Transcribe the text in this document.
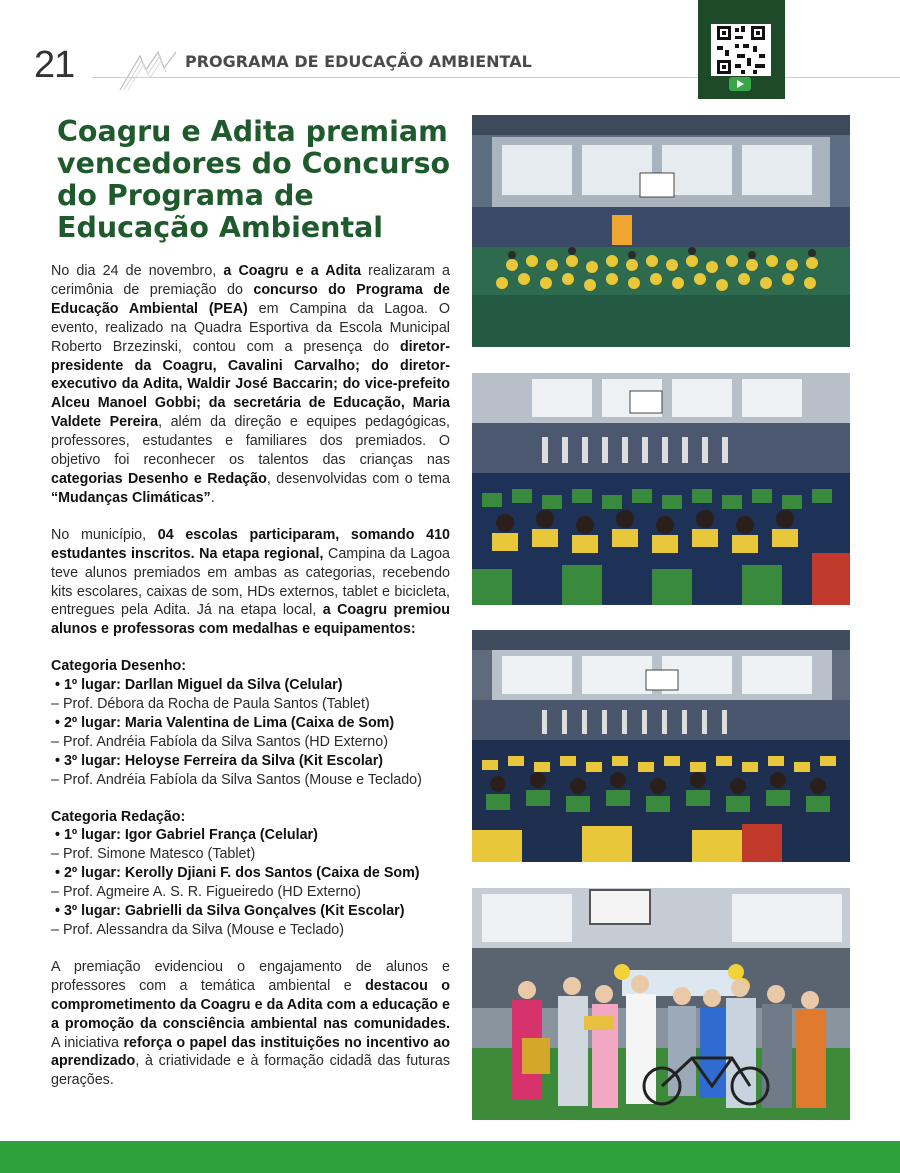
21	PROGRAMA DE EDUCAÇÃO AMBIENTAL
Coagru e Adita premiam vencedores do Concurso do Programa de Educação Ambiental

No dia 24 de novembro, a Coagru e a Adita realizaram a cerimônia de premiação do concurso do Programa de Educação Ambiental (PEA) em Campina da Lagoa. O evento, realizado na Quadra Esportiva da Escola Municipal Roberto Brzezinski, contou com a presença do diretor-presidente da Coagru, Cavalini Carvalho; do diretor-executivo da Adita, Waldir José Baccarin; do vice-prefeito Alceu Manoel Gobbi; da secretária de Educação, Maria Valdete Pereira, além da direção e equipes pedagógicas, professores, estudantes e familiares dos premiados. O objetivo foi reconhecer os talentos das crianças nas categorias Desenho e Redação, desenvolvidas com o tema “Mudanças Climáticas”.

No município, 04 escolas participaram, somando 410 estudantes inscritos. Na etapa regional, Campina da Lagoa teve alunos premiados em ambas as categorias, recebendo kits escolares, caixas de som, HDs externos, tablet e bicicleta, entregues pela Adita. Já na etapa local, a Coagru premiou alunos e professoras com medalhas e equipamentos:

Categoria Desenho:

• 1º lugar: Darllan Miguel da Silva (Celular)

– Prof. Débora da Rocha de Paula Santos (Tablet)

• 2º lugar: Maria Valentina de Lima (Caixa de Som)

– Prof. Andréia Fabíola da Silva Santos (HD Externo)

• 3º lugar: Heloyse Ferreira da Silva (Kit Escolar)

– Prof. Andréia Fabíola da Silva Santos (Mouse e Teclado)

Categoria Redação:

• 1º lugar: Igor Gabriel França (Celular)

– Prof. Simone Matesco (Tablet)

• 2º lugar: Kerolly Djiani F. dos Santos (Caixa de Som)

– Prof. Agmeire A. S. R. Figueiredo (HD Externo)

• 3º lugar: Gabrielli da Silva Gonçalves (Kit Escolar)

– Prof. Alessandra da Silva (Mouse e Teclado)

A premiação evidenciou o engajamento de alunos e professores com a temática ambiental e destacou o comprometimento da Coagru e da Adita com a educação e a promoção da consciência ambiental nas comunidades. A iniciativa reforça o papel das instituições no incentivo ao aprendizado, à criatividade e à formação cidadã das futuras gerações.
